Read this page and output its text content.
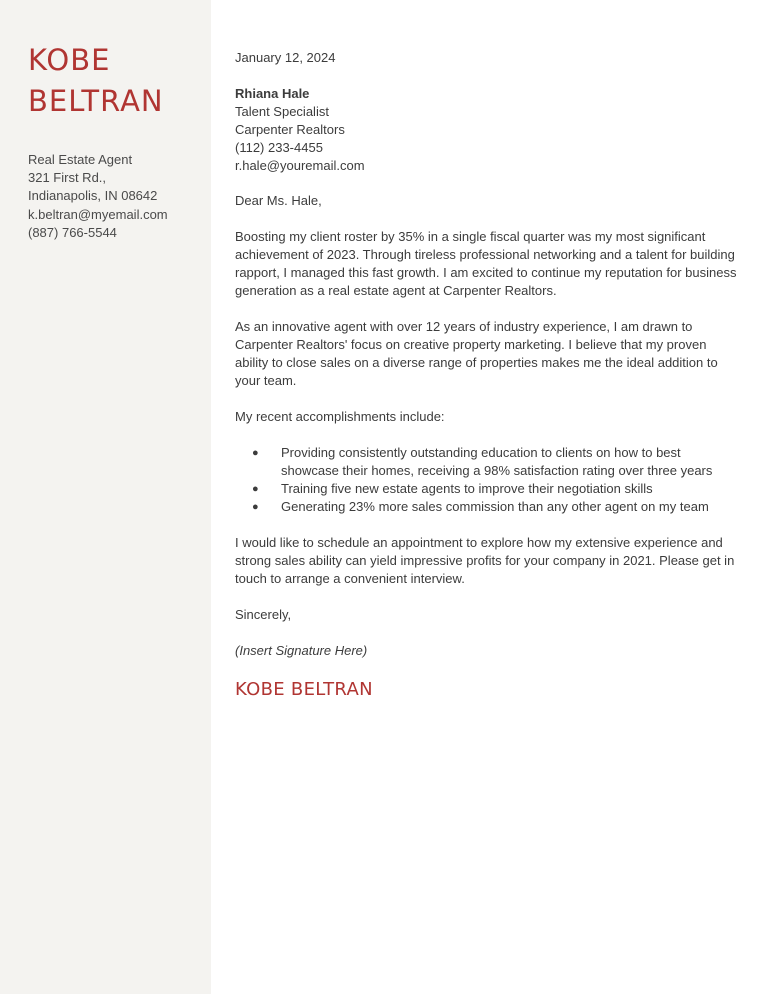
KOBE
BELTRAN
Real Estate Agent
321 First Rd.,
Indianapolis, IN 08642
k.beltran@myemail.com
(887) 766-5544

January 12, 2024

Rhiana Hale
Talent Specialist
Carpenter Realtors
(112) 233-4455
r.hale@youremail.com

Dear Ms. Hale,

Boosting my client roster by 35% in a single fiscal quarter was my most significant achievement of 2023. Through tireless professional networking and a talent for building rapport, I managed this fast growth. I am excited to continue my reputation for business generation as a real estate agent at Carpenter Realtors.

As an innovative agent with over 12 years of industry experience, I am drawn to Carpenter Realtors' focus on creative property marketing. I believe that my proven ability to close sales on a diverse range of properties makes me the ideal addition to your team.

My recent accomplishments include:

● Providing consistently outstanding education to clients on how to best showcase their homes, receiving a 98% satisfaction rating over three years
● Training five new estate agents to improve their negotiation skills
● Generating 23% more sales commission than any other agent on my team

I would like to schedule an appointment to explore how my extensive experience and strong sales ability can yield impressive profits for your company in 2021. Please get in touch to arrange a convenient interview.

Sincerely,

(Insert Signature Here)

KOBE BELTRAN
